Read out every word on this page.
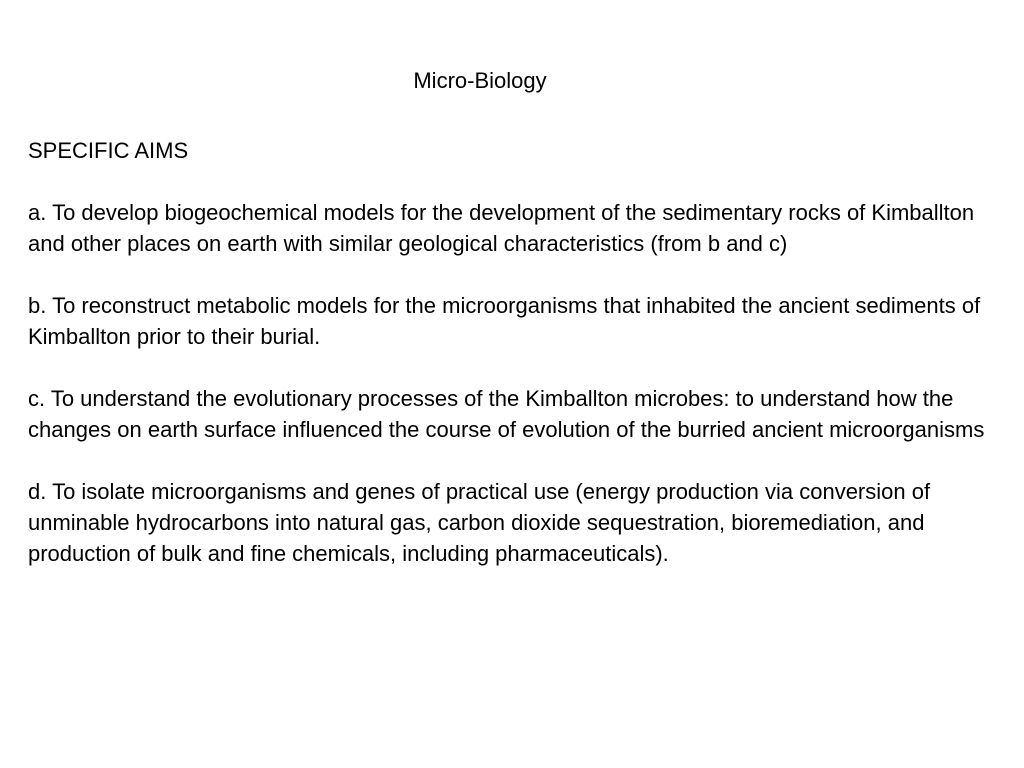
Micro-Biology
SPECIFIC AIMS

a. To develop biogeochemical models for the development of the sedimentary rocks of Kimballton and other places on earth with similar geological characteristics (from b and c)

b. To reconstruct metabolic models for the microorganisms that inhabited the ancient sediments of Kimballton prior to their burial.

c. To understand the evolutionary processes of the Kimballton microbes: to understand how the changes on earth surface influenced the course of evolution of the burried ancient microorganisms

d. To isolate microorganisms and genes of practical use (energy production via conversion of unminable hydrocarbons into natural gas, carbon dioxide sequestration, bioremediation, and production of bulk and fine chemicals, including pharmaceuticals).
